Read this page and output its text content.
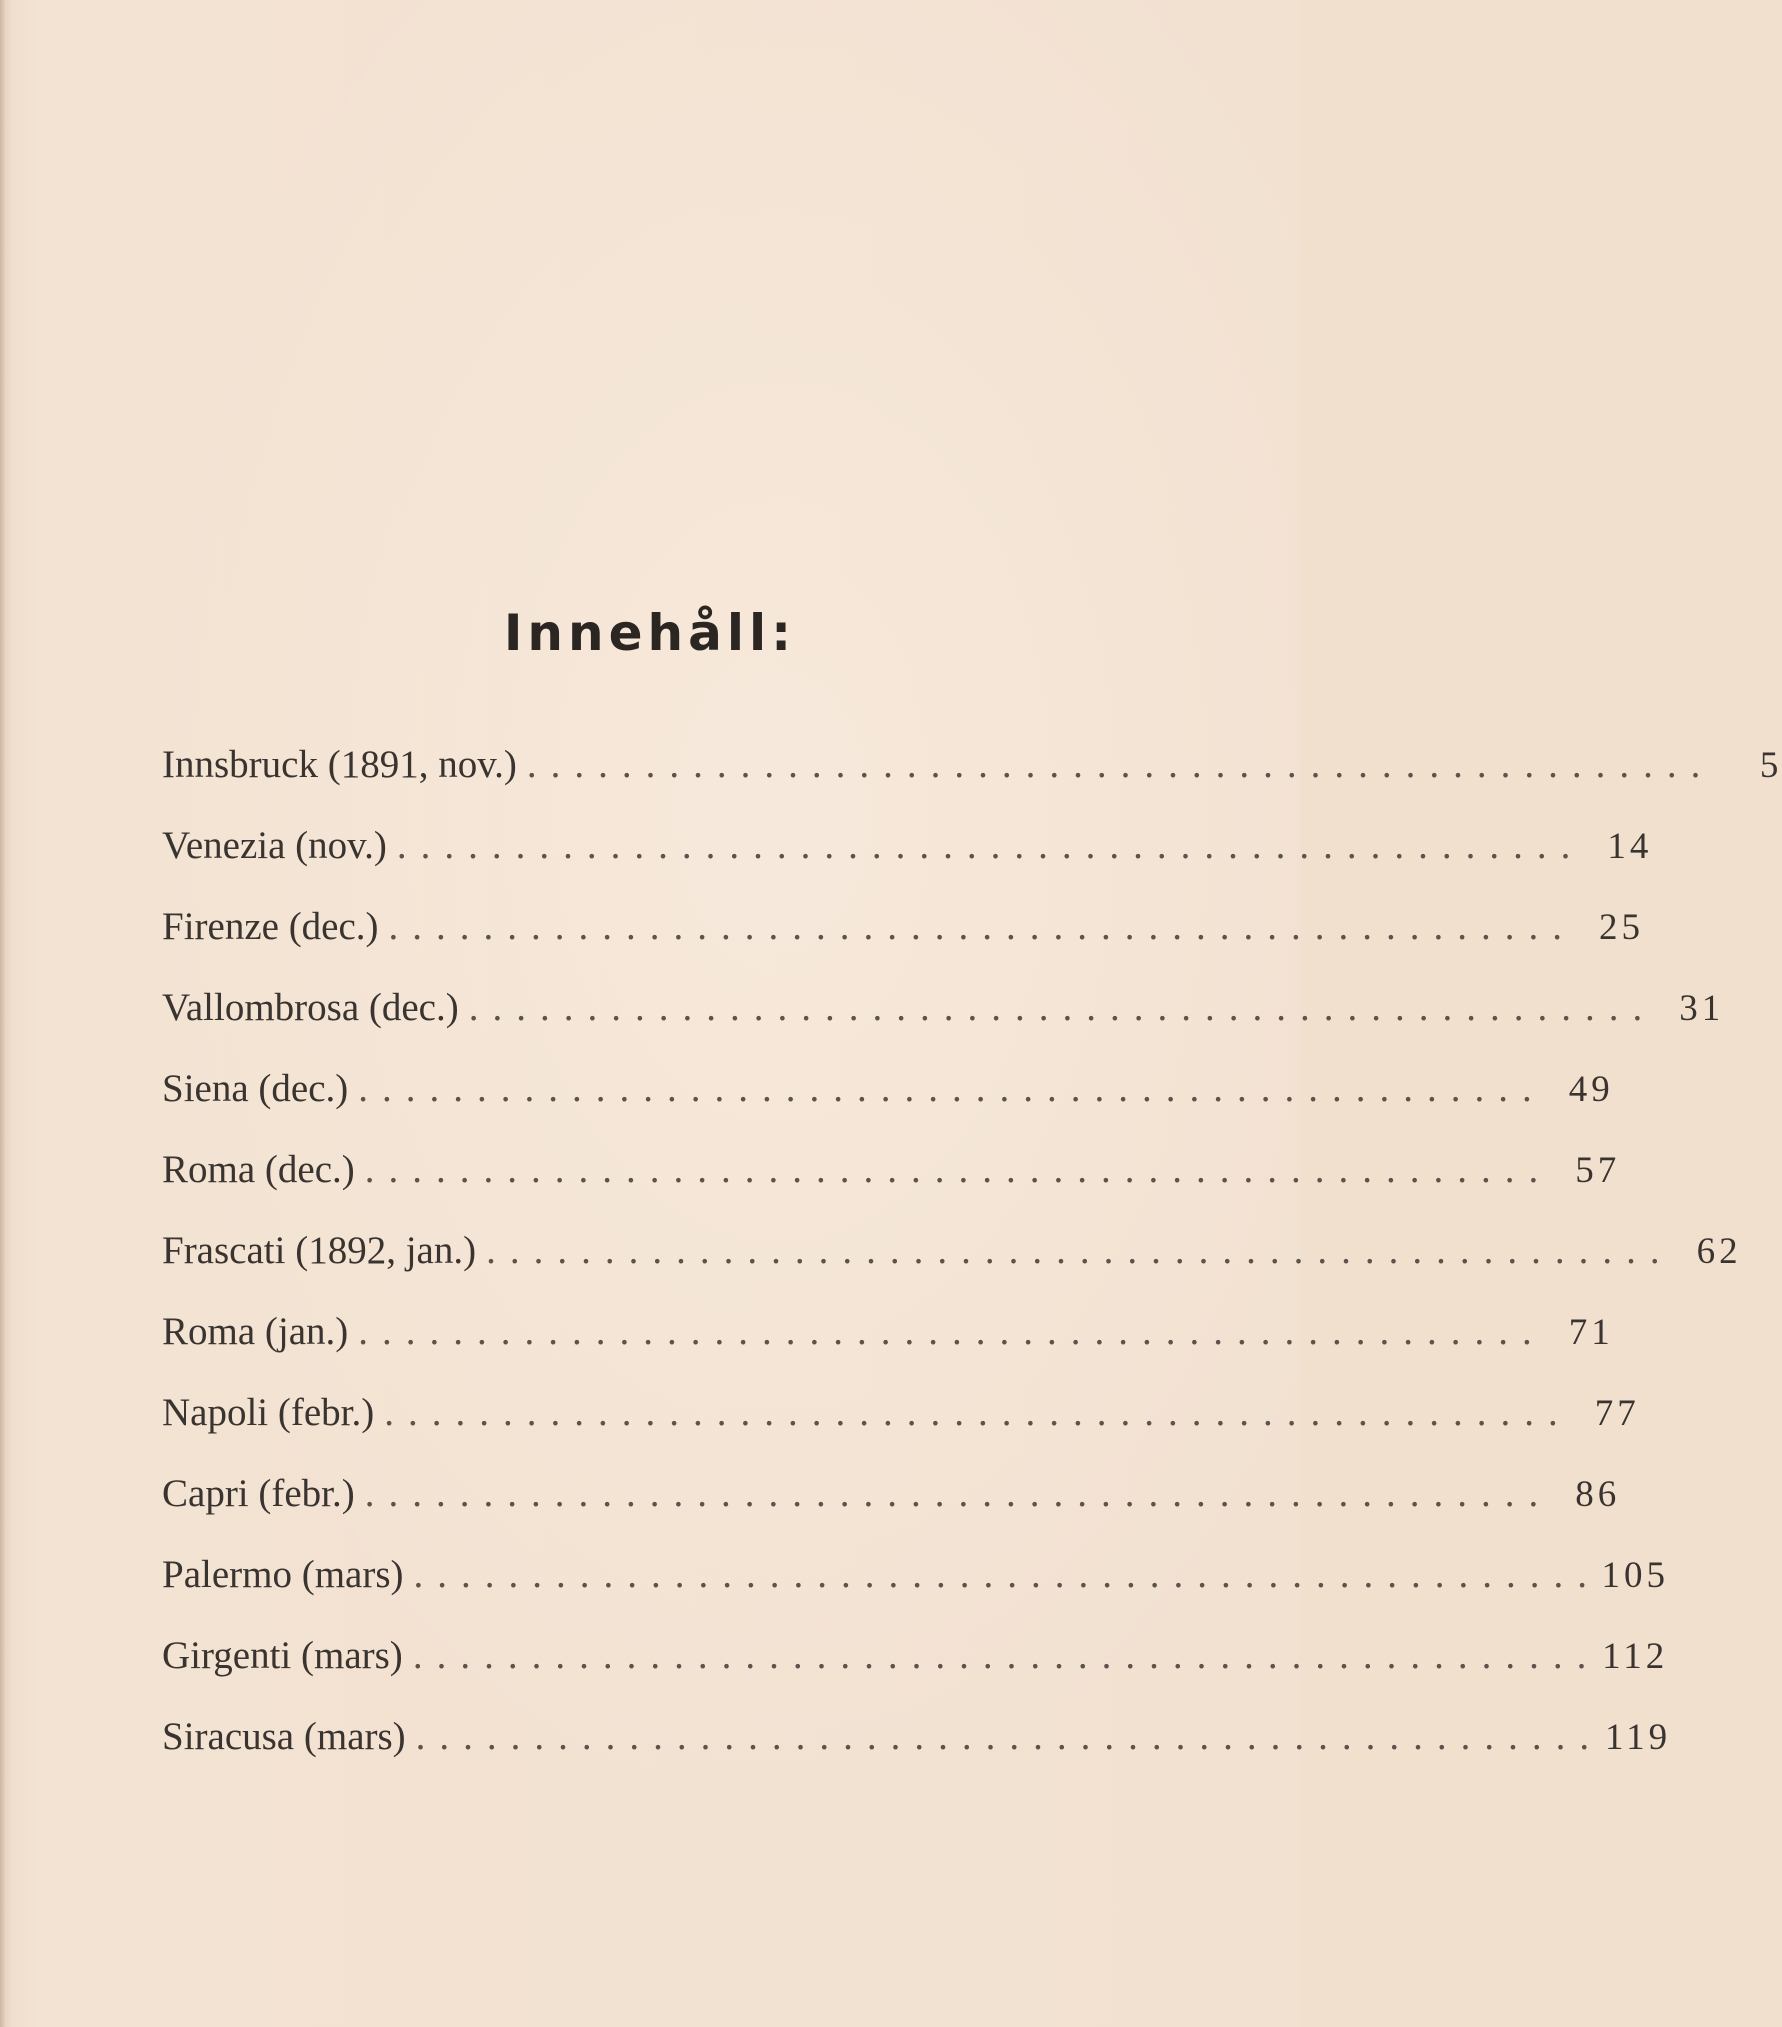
Innehåll:
Innsbruck (1891, nov.) ..................................................	5
Venezia (nov.) .................................................. 14
Firenze (dec.) .................................................. 25
Vallombrosa (dec.) .................................................. 31
Siena (dec.) .................................................. 49
Roma (dec.) .................................................. 57
Frascati (1892, jan.) .................................................. 62
Roma (jan.) .................................................. 71
Napoli (febr.) .................................................. 77
Capri (febr.) .................................................. 86
Palermo (mars) .................................................. 105
Girgenti (mars) .................................................. 112
Siracusa (mars) .................................................. 119
